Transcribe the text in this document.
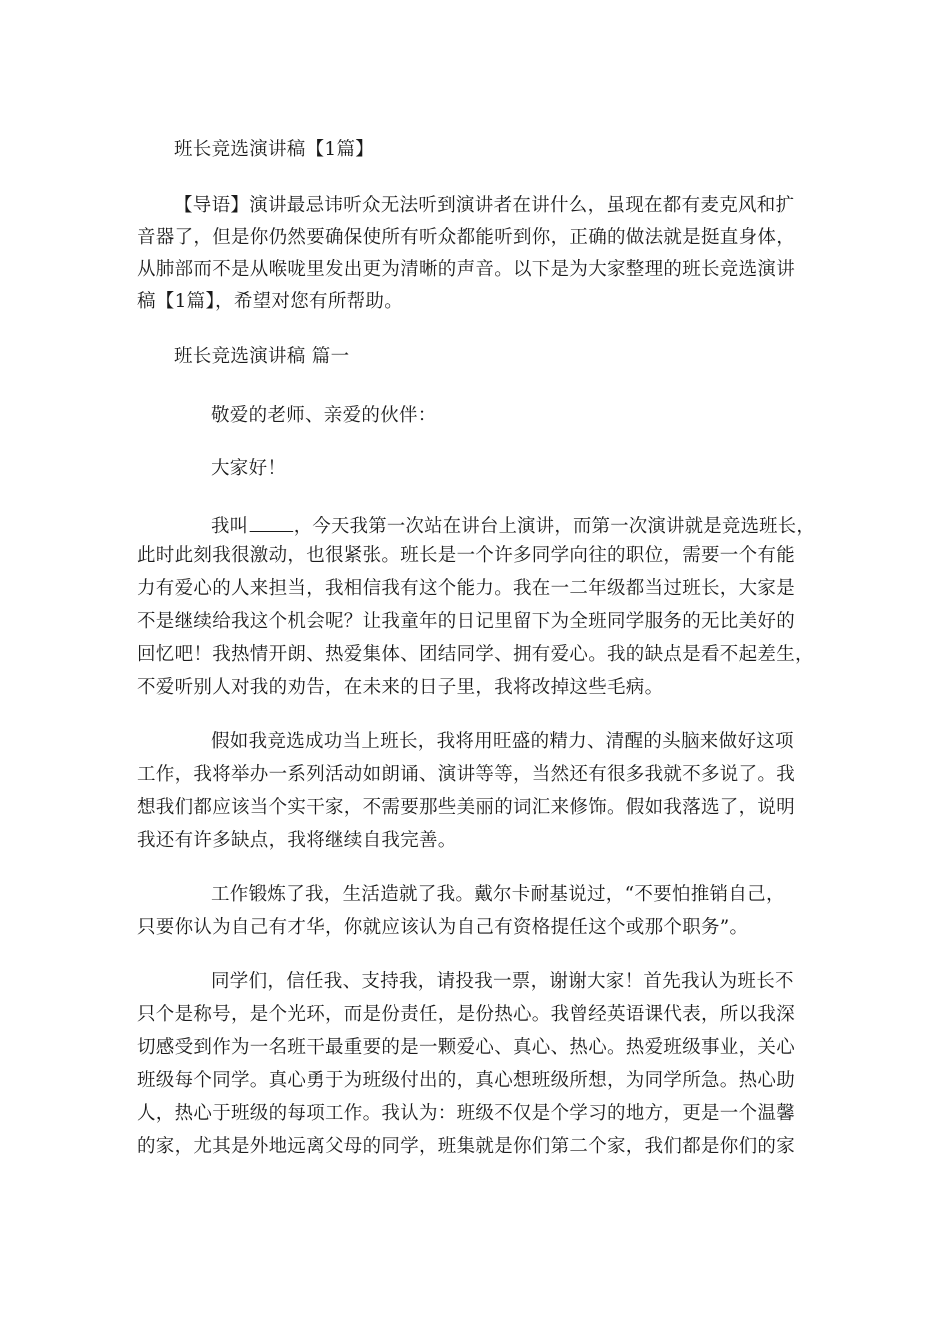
班长竞选演讲稿【1篇】
【导语】演讲最忌讳听众无法听到演讲者在讲什么，虽现在都有麦克风和扩
音器了，但是你仍然要确保使所有听众都能听到你，正确的做法就是挺直身体，
从肺部而不是从喉咙里发出更为清晰的声音。以下是为大家整理的班长竞选演讲
稿【1篇】，希望对您有所帮助。
班长竞选演讲稿 篇一
敬爱的老师、亲爱的伙伴：
大家好！
我叫 ，今天我第一次站在讲台上演讲，而第一次演讲就是竞选班长，
此时此刻我很激动，也很紧张。班长是一个许多同学向往的职位，需要一个有能
力有爱心的人来担当，我相信我有这个能力。我在一二年级都当过班长，大家是
不是继续给我这个机会呢？让我童年的日记里留下为全班同学服务的无比美好的
回忆吧！我热情开朗、热爱集体、团结同学、拥有爱心。我的缺点是看不起差生，
不爱听别人对我的劝告，在未来的日子里，我将改掉这些毛病。
假如我竞选成功当上班长，我将用旺盛的精力、清醒的头脑来做好这项
工作，我将举办一系列活动如朗诵、演讲等等，当然还有很多我就不多说了。我
想我们都应该当个实干家，不需要那些美丽的词汇来修饰。假如我落选了，说明
我还有许多缺点，我将继续自我完善。
工作锻炼了我，生活造就了我。戴尔卡耐基说过，“不要怕推销自己，
只要你认为自己有才华，你就应该认为自己有资格提任这个或那个职务”。
同学们，信任我、支持我，请投我一票，谢谢大家！首先我认为班长不
只个是称号，是个光环，而是份责任，是份热心。我曾经英语课代表，所以我深
切感受到作为一名班干最重要的是一颗爱心、真心、热心。热爱班级事业，关心
班级每个同学。真心勇于为班级付出的，真心想班级所想，为同学所急。热心助
人，热心于班级的每项工作。我认为：班级不仅是个学习的地方，更是一个温馨
的家，尤其是外地远离父母的同学，班集就是你们第二个家，我们都是你们的家
